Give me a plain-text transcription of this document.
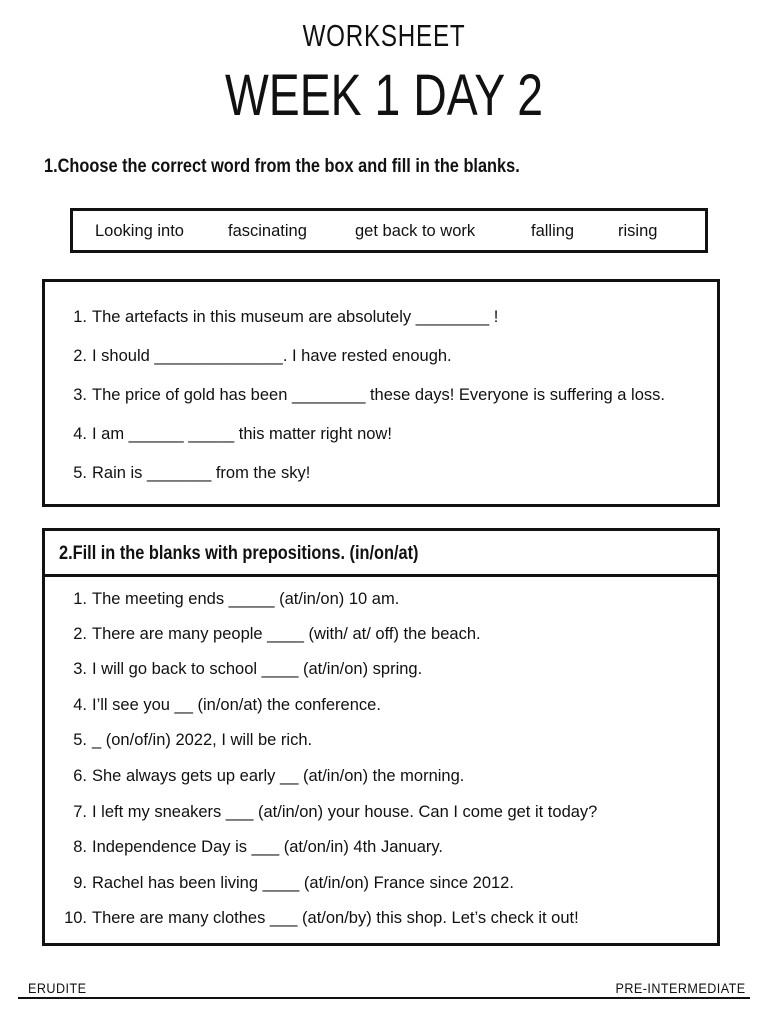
WORKSHEET
WEEK 1 DAY 2
1.Choose the correct word from the box and fill in the blanks.
Looking into	fascinating	get back to work	falling	rising
1. The artefacts in this museum are absolutely ________ !
2. I should ______________. I have rested enough.
3. The price of gold has been ________ these days! Everyone is suffering a loss.
4. I am ______ _____ this matter right now!
5. Rain is _______ from the sky!
2.Fill in the blanks with prepositions. (in/on/at)
1. The meeting ends _____ (at/in/on) 10 am.
2. There are many people ____ (with/ at/ off) the beach.
3. I will go back to school ____ (at/in/on) spring.
4. I’ll see you __ (in/on/at) the conference.
5. _ (on/of/in) 2022, I will be rich.
6. She always gets up early __ (at/in/on) the morning.
7. I left my sneakers ___ (at/in/on) your house. Can I come get it today?
8. Independence Day is ___ (at/on/in) 4th January.
9. Rachel has been living ____ (at/in/on) France since 2012.
10. There are many clothes ___ (at/on/by) this shop. Let’s check it out!
ERUDITE	PRE-INTERMEDIATE
